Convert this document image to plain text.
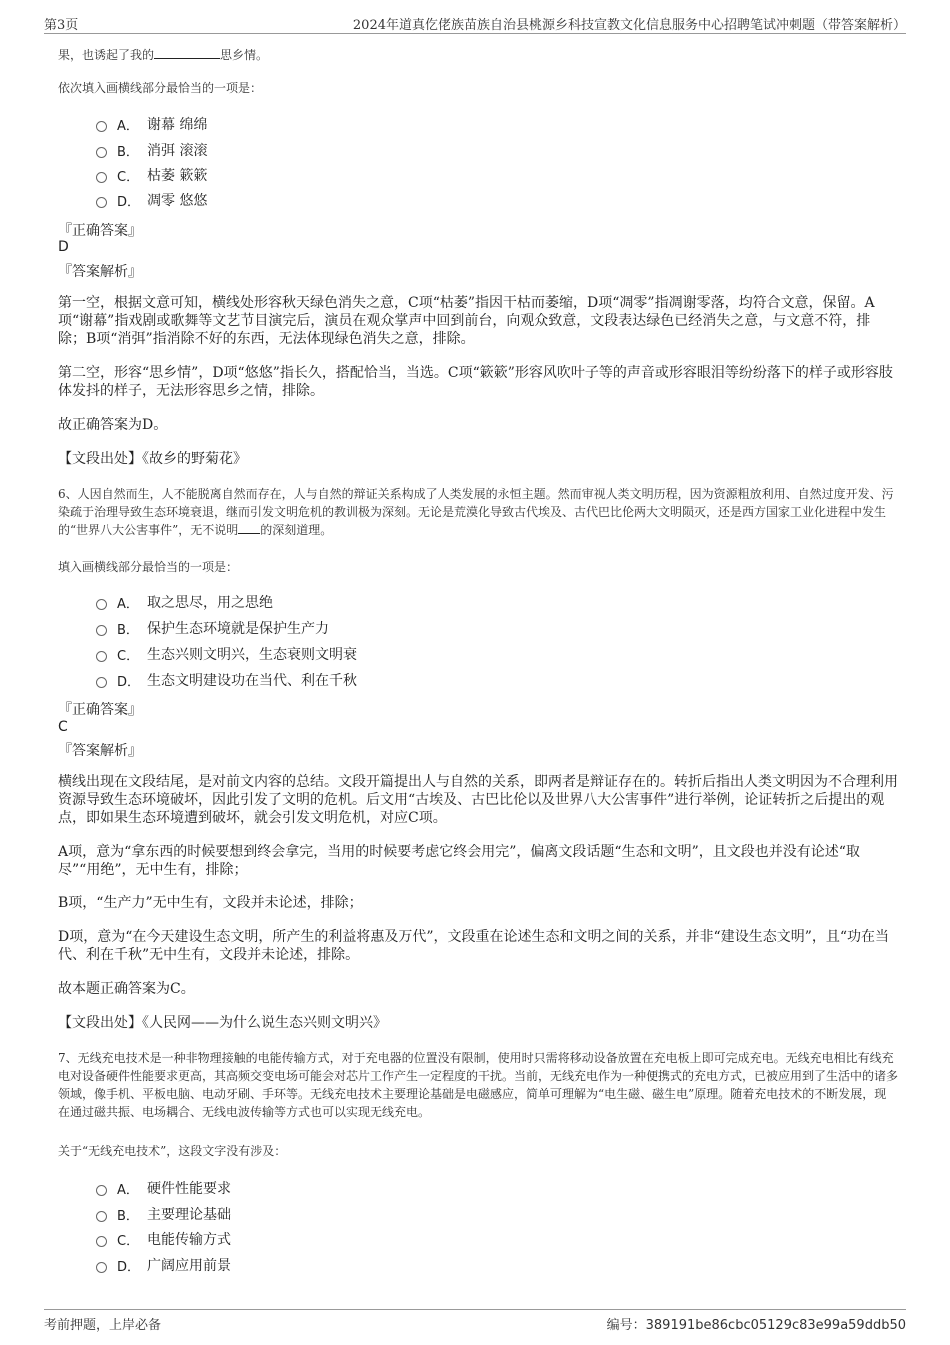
第3页	2024年道真仡佬族苗族自治县桃源乡科技宣教文化信息服务中心招聘笔试冲刺题（带答案解析）
果，也诱起了我的	思乡情。
依次填入画横线部分最恰当的一项是：
A． 谢幕 绵绵
B． 消弭 滚滚
C． 枯萎 簌簌
D． 凋零 悠悠
『正确答案』
D
『答案解析』
第一空，根据文意可知，横线处形容秋天绿色消失之意，C项“枯萎”指因干枯而萎缩，D项“凋零”指凋谢零落，均符合文意，保留。A项“谢幕”指戏剧或歌舞等文艺节目演完后，演员在观众掌声中回到前台，向观众致意，文段表达绿色已经消失之意，与文意不符，排除；B项“消弭”指消除不好的东西，无法体现绿色消失之意，排除。
第二空，形容“思乡情”，D项“悠悠”指长久，搭配恰当，当选。C项“簌簌”形容风吹叶子等的声音或形容眼泪等纷纷落下的样子或形容肢体发抖的样子，无法形容思乡之情，排除。
故正确答案为D。
【文段出处】《故乡的野菊花》
6、人因自然而生，人不能脱离自然而存在，人与自然的辩证关系构成了人类发展的永恒主题。然而审视人类文明历程，因为资源粗放利用、自然过度开发、污染疏于治理导致生态环境衰退，继而引发文明危机的教训极为深刻。无论是荒漠化导致古代埃及、古代巴比伦两大文明陨灭，还是西方国家工业化进程中发生的“世界八大公害事件”，无不说明 的深刻道理。
填入画横线部分最恰当的一项是：
A． 取之思尽，用之思绝
B． 保护生态环境就是保护生产力
C． 生态兴则文明兴，生态衰则文明衰
D． 生态文明建设功在当代、利在千秋
『正确答案』
C
『答案解析』
横线出现在文段结尾，是对前文内容的总结。文段开篇提出人与自然的关系，即两者是辩证存在的。转折后指出人类文明因为不合理利用资源导致生态环境破坏，因此引发了文明的危机。后文用“古埃及、古巴比伦以及世界八大公害事件”进行举例，论证转折之后提出的观点，即如果生态环境遭到破坏，就会引发文明危机，对应C项。
A项，意为“拿东西的时候要想到终会拿完，当用的时候要考虑它终会用完”，偏离文段话题“生态和文明”，且文段也并没有论述“取尽”“用绝”，无中生有，排除；
B项，“生产力”无中生有，文段并未论述，排除；
D项，意为“在今天建设生态文明，所产生的利益将惠及万代”，文段重在论述生态和文明之间的关系，并非“建设生态文明”，且“功在当代、利在千秋”无中生有，文段并未论述，排除。
故本题正确答案为C。
【文段出处】《人民网——为什么说生态兴则文明兴》
7、无线充电技术是一种非物理接触的电能传输方式，对于充电器的位置没有限制，使用时只需将移动设备放置在充电板上即可完成充电。无线充电相比有线充电对设备硬件性能要求更高，其高频交变电场可能会对芯片工作产生一定程度的干扰。当前，无线充电作为一种便携式的充电方式，已被应用到了生活中的诸多领域，像手机、平板电脑、电动牙刷、手环等。无线充电技术主要理论基础是电磁感应，简单可理解为“电生磁、磁生电”原理。随着充电技术的不断发展，现在通过磁共振、电场耦合、无线电波传输等方式也可以实现无线充电。
关于“无线充电技术”，这段文字没有涉及：
A． 硬件性能要求
B． 主要理论基础
C． 电能传输方式
D． 广阔应用前景
考前押题，上岸必备	编号：389191be86cbc05129c83e99a59ddb50
